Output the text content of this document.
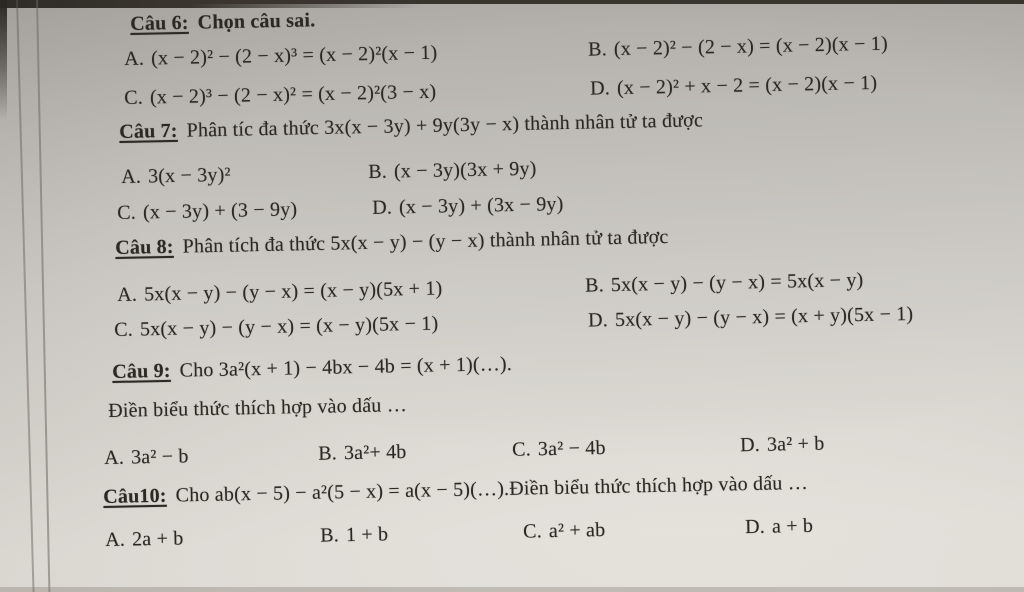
Câu 6: Chọn câu sai.
A. (x − 2)² − (2 − x)³ = (x − 2)²(x − 1)	B. (x − 2)² − (2 − x) = (x − 2)(x − 1)
C. (x − 2)³ − (2 − x)² = (x − 2)²(3 − x)	D. (x − 2)² + x − 2 = (x − 2)(x − 1)
Câu 7: Phân tíc đa thức 3x(x − 3y) + 9y(3y − x) thành nhân tử ta được
A. 3(x − 3y)²	B. (x − 3y)(3x + 9y)
C. (x − 3y) + (3 − 9y)	D. (x − 3y) + (3x − 9y)
Câu 8: Phân tích đa thức 5x(x − y) − (y − x) thành nhân tử ta được
A. 5x(x − y) − (y − x) = (x − y)(5x + 1)	B. 5x(x − y) − (y − x) = 5x(x − y)
C. 5x(x − y) − (y − x) = (x − y)(5x − 1)	D. 5x(x − y) − (y − x) = (x + y)(5x − 1)
Câu 9: Cho 3a²(x + 1) − 4bx − 4b = (x + 1)(…).
Điền biểu thức thích hợp vào dấu …
A. 3a² − b	B. 3a²+ 4b	C. 3a² − 4b	D. 3a² + b
Câu10: Cho ab(x − 5) − a²(5 − x) = a(x − 5)(…).Điền biểu thức thích hợp vào dấu …
A. 2a + b	B. 1 + b	C. a² + ab	D. a + b
